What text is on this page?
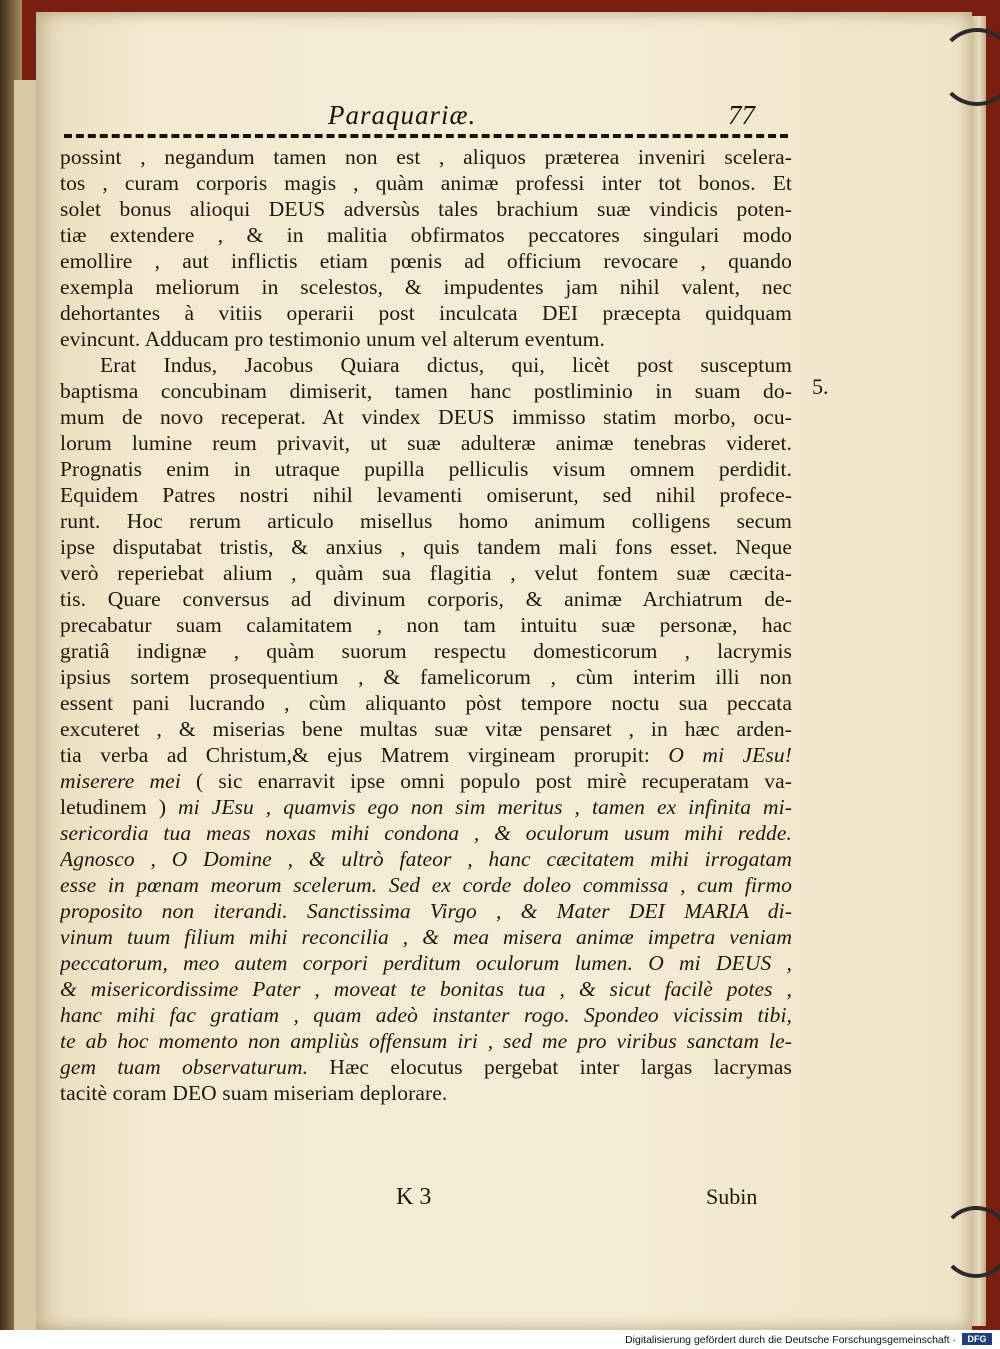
Paraquariæ.	77
possint , negandum tamen non est , aliquos præterea inveniri scelera-
tos , curam corporis magis , quàm animæ professi inter tot bonos. Et
solet bonus alioqui DEUS adversùs tales brachium suæ vindicis poten-
tiæ extendere , & in malitia obfirmatos peccatores singulari modo
emollire , aut inflictis etiam pœnis ad officium revocare , quando
exempla meliorum in scelestos, & impudentes jam nihil valent, nec
dehortantes à vitiis operarii post inculcata DEI præcepta quidquam
evincunt. Adducam pro testimonio unum vel alterum eventum.
Erat Indus, Jacobus Quiara dictus, qui, licèt post susceptum
baptisma concubinam dimiserit, tamen hanc postliminio in suam do-
mum de novo receperat. At vindex DEUS immisso statim morbo, ocu-
lorum lumine reum privavit, ut suæ adulteræ animæ tenebras videret.
Prognatis enim in utraque pupilla pelliculis visum omnem perdidit.
Equidem Patres nostri nihil levamenti omiserunt, sed nihil profece-
runt. Hoc rerum articulo misellus homo animum colligens secum
ipse disputabat tristis, & anxius , quis tandem mali fons esset. Neque
verò reperiebat alium , quàm sua flagitia , velut fontem suæ cæcita-
tis. Quare conversus ad divinum corporis, & animæ Archiatrum de-
precabatur suam calamitatem , non tam intuitu suæ personæ, hac
gratiâ indignæ , quàm suorum respectu domesticorum , lacrymis
ipsius sortem prosequentium , & famelicorum , cùm interim illi non
essent pani lucrando , cùm aliquanto pòst tempore noctu sua peccata
excuteret , & miserias bene multas suæ vitæ pensaret , in hæc arden-
tia verba ad Christum,& ejus Matrem virgineam prorupit: O mi JEsu!
miserere mei ( sic enarravit ipse omni populo post mirè recuperatam va-
letudinem ) mi JEsu , quamvis ego non sim meritus , tamen ex infinita mi-
sericordia tua meas noxas mihi condona , & oculorum usum mihi redde.
Agnosco , O Domine , & ultrò fateor , hanc cæcitatem mihi irrogatam
esse in pœnam meorum scelerum. Sed ex corde doleo commissa , cum firmo
proposito non iterandi. Sanctissima Virgo , & Mater DEI MARIA di-
vinum tuum filium mihi reconcilia , & mea misera animæ impetra veniam
peccatorum, meo autem corpori perditum oculorum lumen. O mi DEUS ,
& misericordissime Pater , moveat te bonitas tua , & sicut facilè potes ,
hanc mihi fac gratiam , quam adeò instanter rogo. Spondeo vicissim tibi,
te ab hoc momento non ampliùs offensum iri , sed me pro viribus sanctam le-
gem tuam observaturum. Hæc elocutus pergebat inter largas lacrymas
tacitè coram DEO suam miseriam deplorare.
5.
K 3	Subin
Digitalisierung gefördert durch die Deutsche Forschungsgemeinschaft ·	DFG
